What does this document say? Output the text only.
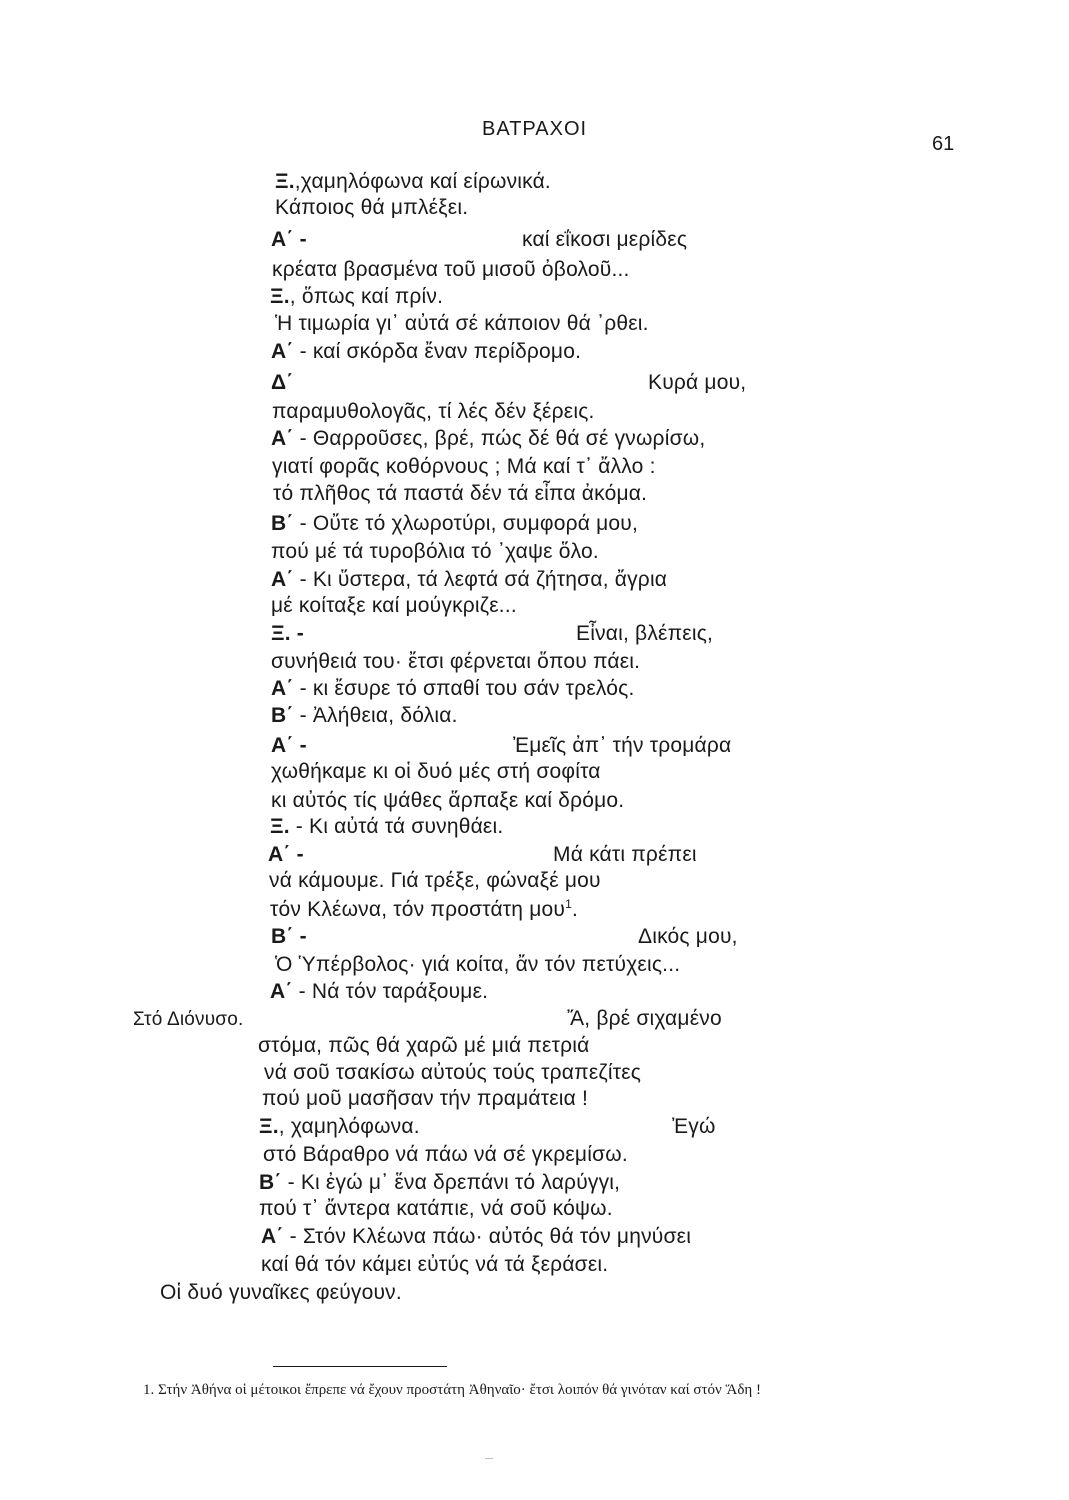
ΒΑΤΡΑΧΟΙ
61
Ξ.,χαμηλόφωνα καί είρωνικά.
Κάποιος θά μπλέξει.
Α΄ -	καί εΐκοσι μερίδες
κρέατα βρασμένα τοῦ μισοῦ ὀβολοῦ...
Ξ., ὅπως καί πρίν.
Ἡ τιμωρία γι᾽ αὐτά σέ κάποιον θά ᾽ρθει.
Α΄ - καί σκόρδα ἔναν περίδρομο.
Δ΄	Κυρά μου,
παραμυθολογᾶς, τί λές δέν ξέρεις.
Α΄ - Θαρροῦσες, βρέ, πώς δέ θά σέ γνωρίσω,
γιατί φορᾶς κοθόρνους ; Μά καί τ᾽ ἄλλο :
τό πλῆθος τά παστά δέν τά εἶπα ἀκόμα.
Β΄ - Οὔτε τό χλωροτύρι, συμφορά μου,
πού μέ τά τυροβόλια τό ᾽χαψε ὅλο.
Α΄ - Κι ὕστερα, τά λεφτά σά ζήτησα, ἄγρια
μέ κοίταξε καί μούγκριζε...
Ξ. -	Εἶναι, βλέπεις,
συνήθειά του· ἔτσι φέρνεται ὅπου πάει.
Α΄ - κι ἔσυρε τό σπαθί του σάν τρελός.
Β΄ - Ἀλήθεια, δόλια.
Α΄ -	Ἐμεῖς ἀπ᾽ τήν τρομάρα
χωθήκαμε κι οἱ δυό μές στή σοφίτα
κι αὐτός τίς ψάθες ἅρπαξε καί δρόμο.
Ξ. - Κι αὐτά τά συνηθάει.
Α΄ -	Μά κάτι πρέπει
νά κάμουμε. Γιά τρέξε, φώναξέ μου
τόν Κλέωνα, τόν προστάτη μου$^1$.
Β΄ -	Δικός μου,
Ὁ Ὑπέρβολος· γιά κοίτα, ἄν τόν πετύχεις...
Α΄ - Νά τόν ταράξουμε.
Στό Διόνυσο.	Ἄ, βρέ σιχαμένο
στόμα, πῶς θά χαρῶ μέ μιά πετριά
νά σοῦ τσακίσω αὐτούς τούς τραπεζίτες
πού μοῦ μασῆσαν τήν πραμάτεια !
Ξ., χαμηλόφωνα.	Ἐγώ
στό Βάραθρο νά πάω νά σέ γκρεμίσω.
Β΄ - Κι ἐγώ μ᾽ ἕνα δρεπάνι τό λαρύγγι,
πού τ᾽ ἄντερα κατάπιε, νά σοῦ κόψω.
Α΄ - Στόν Κλέωνα πάω· αὐτός θά τόν μηνύσει
καί θά τόν κάμει εὐτύς νά τά ξεράσει.
Οἱ δυό γυναῖκες φεύγουν.
1. Στήν Ἀθήνα οἱ μέτοικοι ἔπρεπε νά ἔχουν προστάτη Ἀθηναῖο· ἔτσι λοιπόν θά γινόταν καί στόν Ἅδη !
